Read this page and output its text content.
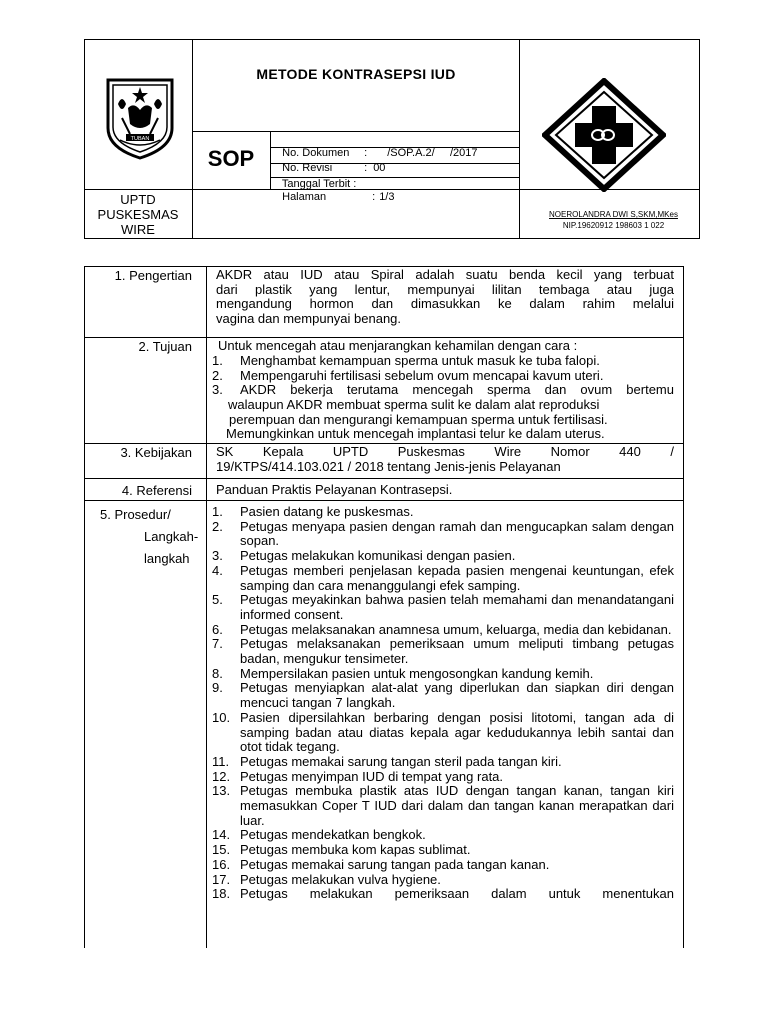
TUBAN
METODE KONTRASEPSI IUD
SOP	No. Dokumen : /SOP.A.2/     /2017

No. Revisi	: 00

Tanggal Terbit :

Halaman	: 1/3

UPTD
PUSKESMAS
WIRE
NOEROLANDRA DWI S,SKM,MKes
NIP.19620912 198603 1 022
1. Pengertian	AKDR atau IUD atau Spiral adalah suatu benda kecil yang terbuat
dari plastik yang lentur, mempunyai lilitan tembaga atau juga
mengandung hormon dan dimasukkan ke dalam rahim melalui
vagina dan mempunyai benang.
2. Tujuan	Untuk mencegah atau menjarangkan kehamilan dengan cara :
1. Menghambat kemampuan sperma untuk masuk ke tuba falopi.
2. Mempengaruhi fertilisasi sebelum ovum mencapai kavum uteri.
3. AKDR bekerja terutama mencegah sperma dan ovum bertemu
walaupun AKDR membuat sperma sulit ke dalam alat reproduksi
perempuan dan mengurangi kemampuan sperma untuk fertilisasi.
Memungkinkan untuk mencegah implantasi telur ke dalam uterus.
3. Kebijakan	SK Kepala UPTD Puskesmas Wire Nomor 440 /
19/KTPS/414.103.021 / 2018 tentang Jenis-jenis Pelayanan
4. Referensi	Panduan Praktis Pelayanan Kontrasepsi.
5. Prosedur/
Langkah-
langkah
1. Pasien datang ke puskesmas.
2. Petugas menyapa pasien dengan ramah dan mengucapkan salam dengan sopan.
3. Petugas melakukan komunikasi dengan pasien.
4. Petugas memberi penjelasan kepada pasien mengenai keuntungan, efek samping dan cara menanggulangi efek samping.
5. Petugas meyakinkan bahwa pasien telah memahami dan menandatangani informed consent.
6. Petugas melaksanakan anamnesa umum, keluarga, media dan kebidanan.
7. Petugas melaksanakan pemeriksaan umum meliputi timbang petugas badan, mengukur tensimeter.
8. Mempersilakan pasien untuk mengosongkan kandung kemih.
9. Petugas menyiapkan alat-alat yang diperlukan dan siapkan diri dengan mencuci tangan 7 langkah.
10. Pasien dipersilahkan berbaring dengan posisi litotomi, tangan ada di samping badan atau diatas kepala agar kedudukannya lebih santai dan otot tidak tegang.
11. Petugas memakai sarung tangan steril pada tangan kiri.
12. Petugas menyimpan IUD di tempat yang rata.
13. Petugas membuka plastik atas IUD dengan tangan kanan, tangan kiri memasukkan Coper T IUD dari dalam dan tangan kanan merapatkan dari luar.
14. Petugas mendekatkan bengkok.
15. Petugas membuka kom kapas sublimat.
16. Petugas memakai sarung tangan pada tangan kanan.
17. Petugas melakukan vulva hygiene.
18. Petugas melakukan pemeriksaan dalam untuk menentukan
